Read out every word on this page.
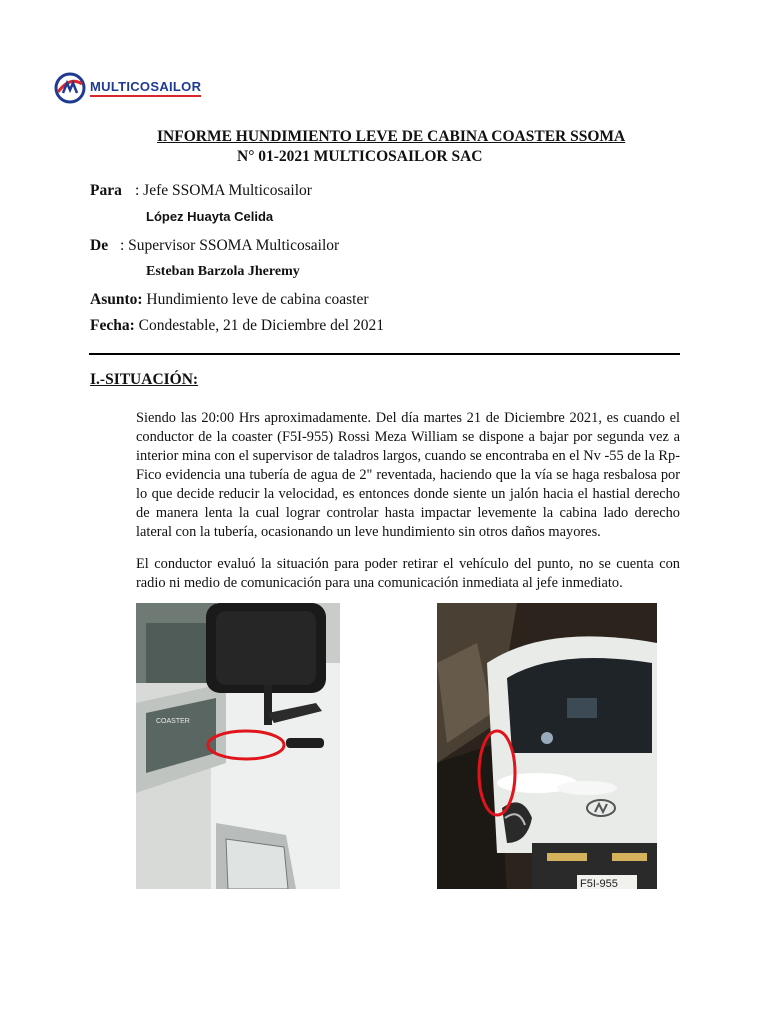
MULTICOSAILOR
INFORME HUNDIMIENTO LEVE DE CABINA COASTER SSOMA
N° 01-2021 MULTICOSAILOR SAC
Para : Jefe SSOMA Multicosailor
López Huayta Celida
De : Supervisor SSOMA Multicosailor
Esteban Barzola Jheremy
Asunto: Hundimiento leve de cabina coaster
Fecha: Condestable, 21 de Diciembre del 2021
I.-SITUACIÓN:
Siendo las 20:00 Hrs aproximadamente. Del día martes 21 de Diciembre 2021, es cuando el conductor de la coaster (F5I-955) Rossi Meza William se dispone a bajar por segunda vez a interior mina con el supervisor de taladros largos, cuando se encontraba en el Nv -55 de la Rp-Fico evidencia una tubería de agua de 2" reventada, haciendo que la vía se haga resbalosa por lo que decide reducir la velocidad, es entonces donde siente un jalón hacia el hastial derecho de manera lenta la cual lograr controlar hasta impactar levemente la cabina lado derecho lateral con la tubería, ocasionando un leve hundimiento sin otros daños mayores.
El conductor evaluó la situación para poder retirar el vehículo del punto, no se cuenta con radio ni medio de comunicación para una comunicación inmediata al jefe inmediato.
COASTER
F5I-955
